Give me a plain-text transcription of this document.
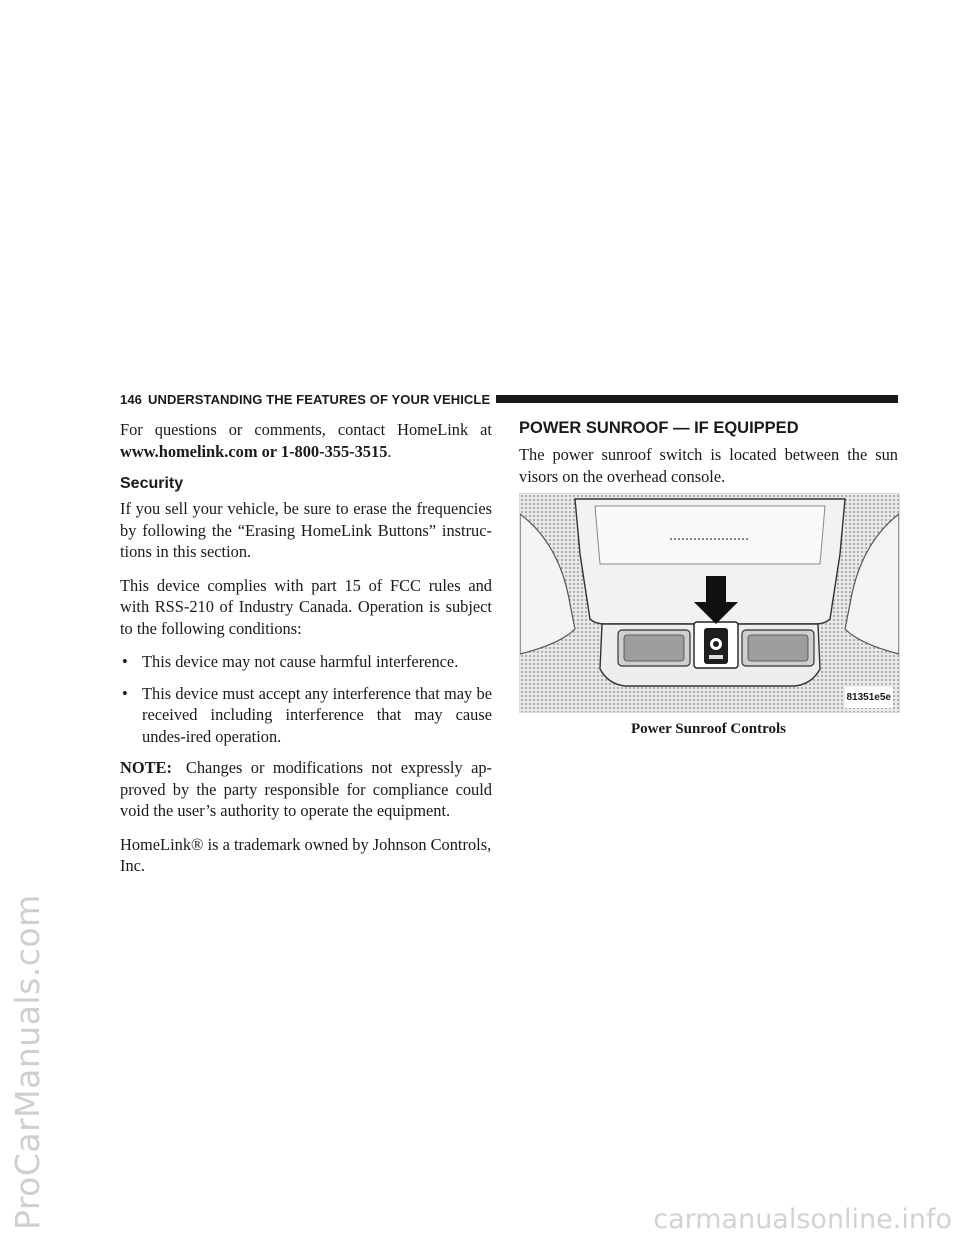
ProCarManuals.com	carmanualsonline.info
146 UNDERSTANDING THE FEATURES OF YOUR VEHICLE

For questions or comments, contact HomeLink at www.homelink.com or 1-800-355-3515.

Security

If you sell your vehicle, be sure to erase the frequencies by following the “Erasing HomeLink Buttons” instruc-tions in this section.

This device complies with part 15 of FCC rules and with RSS-210 of Industry Canada. Operation is subject to the following conditions:

• This device may not cause harmful interference.
• This device must accept any interference that may be received including interference that may cause undes-ired operation.

NOTE: Changes or modifications not expressly ap-proved by the party responsible for compliance could void the user’s authority to operate the equipment.

HomeLink® is a trademark owned by Johnson Controls, Inc.

POWER SUNROOF — IF EQUIPPED

The power sunroof switch is located between the sun visors on the overhead console.

81351e5e
Power Sunroof Controls
